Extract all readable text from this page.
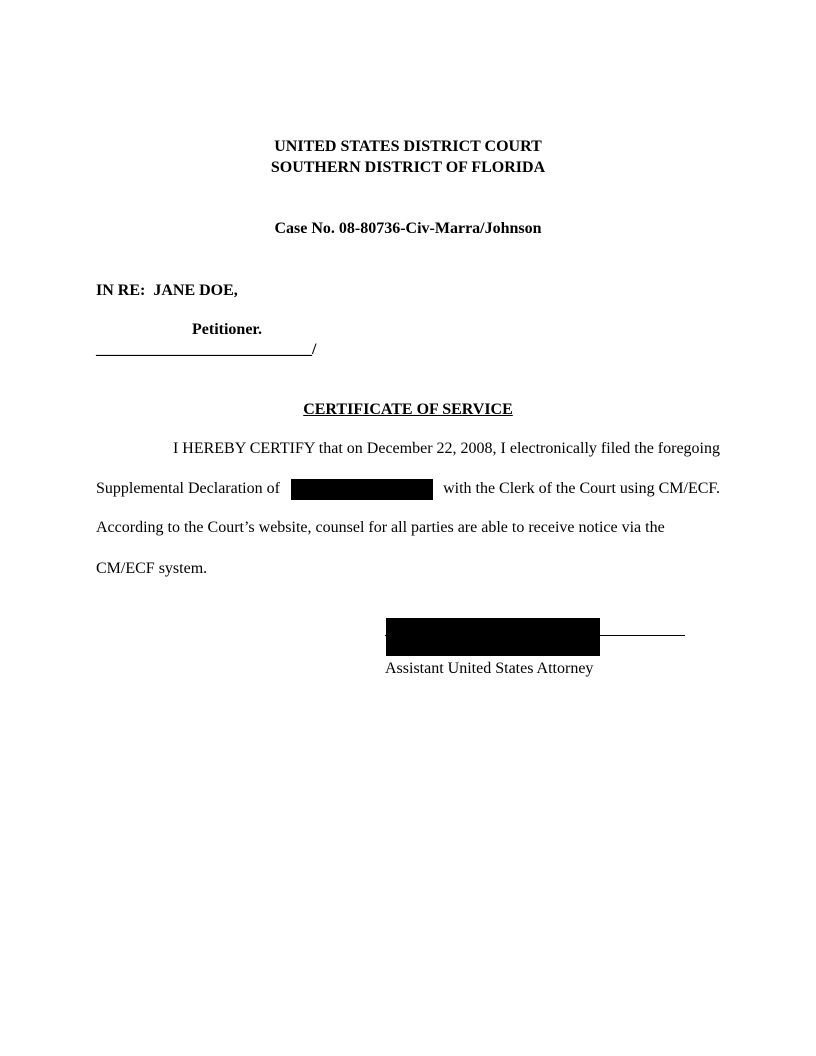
UNITED STATES DISTRICT COURT
SOUTHERN DISTRICT OF FLORIDA
Case No. 08-80736-Civ-Marra/Johnson
IN RE:  JANE DOE,
Petitioner.
___________________________/
CERTIFICATE OF SERVICE
I HEREBY CERTIFY that on December 22, 2008, I electronically filed the foregoing
Supplemental Declaration of	with the Clerk of the Court using CM/ECF.
According to the Court’s website, counsel for all parties are able to receive notice via the
CM/ECF system.
Assistant United States Attorney
